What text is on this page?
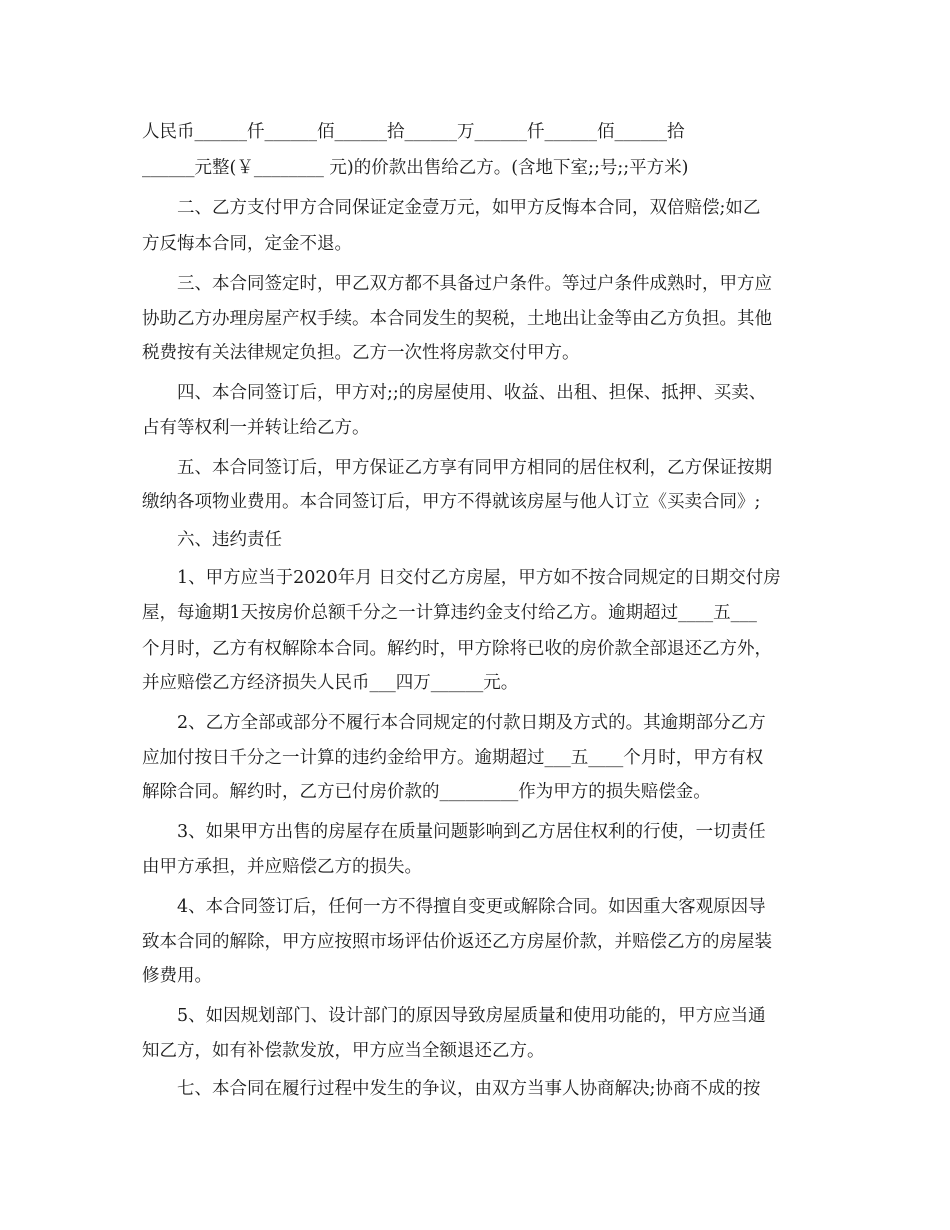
人民币______仟______佰______拾______万______仟______佰______拾
______元整(￥________ 元)的价款出售给乙方。(含地下室;;号;;平方米)
二、乙方支付甲方合同保证定金壹万元，如甲方反悔本合同，双倍赔偿;如乙
方反悔本合同，定金不退。
三、本合同签定时，甲乙双方都不具备过户条件。等过户条件成熟时，甲方应
协助乙方办理房屋产权手续。本合同发生的契税，土地出让金等由乙方负担。其他
税费按有关法律规定负担。乙方一次性将房款交付甲方。
四、本合同签订后，甲方对;;的房屋使用、收益、出租、担保、抵押、买卖、
占有等权利一并转让给乙方。
五、本合同签订后，甲方保证乙方享有同甲方相同的居住权利，乙方保证按期
缴纳各项物业费用。本合同签订后，甲方不得就该房屋与他人订立《买卖合同》;
六、违约责任
1、甲方应当于2020年月 日交付乙方房屋，甲方如不按合同规定的日期交付房
屋，每逾期1天按房价总额千分之一计算违约金支付给乙方。逾期超过____五___
个月时，乙方有权解除本合同。解约时，甲方除将已收的房价款全部退还乙方外，
并应赔偿乙方经济损失人民币___四万______元。
2、乙方全部或部分不履行本合同规定的付款日期及方式的。其逾期部分乙方
应加付按日千分之一计算的违约金给甲方。逾期超过___五____个月时，甲方有权
解除合同。解约时，乙方已付房价款的_________作为甲方的损失赔偿金。
3、如果甲方出售的房屋存在质量问题影响到乙方居住权利的行使，一切责任
由甲方承担，并应赔偿乙方的损失。
4、本合同签订后，任何一方不得擅自变更或解除合同。如因重大客观原因导
致本合同的解除，甲方应按照市场评估价返还乙方房屋价款，并赔偿乙方的房屋装
修费用。
5、如因规划部门、设计部门的原因导致房屋质量和使用功能的，甲方应当通
知乙方，如有补偿款发放，甲方应当全额退还乙方。
七、本合同在履行过程中发生的争议，由双方当事人协商解决;协商不成的按
